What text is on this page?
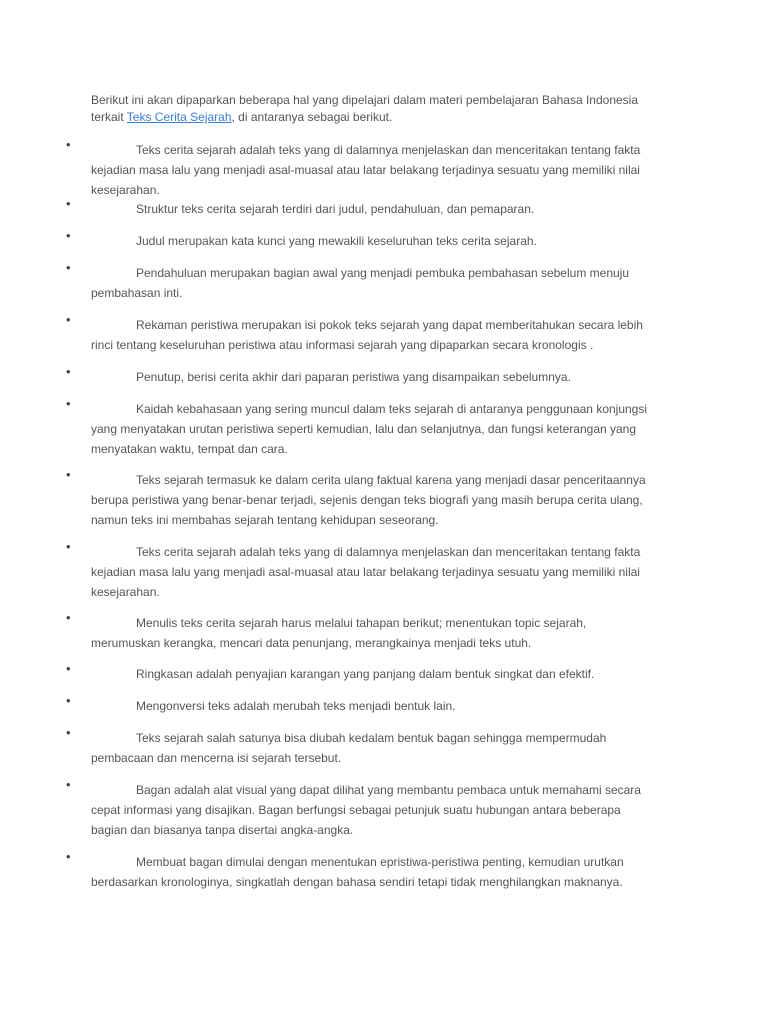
Berikut ini akan dipaparkan beberapa hal yang dipelajari dalam materi pembelajaran Bahasa Indonesia
terkait Teks Cerita Sejarah, di antaranya sebagai berikut.
•	Teks cerita sejarah adalah teks yang di dalamnya menjelaskan dan menceritakan tentang fakta kejadian masa lalu yang menjadi asal-muasal atau latar belakang terjadinya sesuatu yang memiliki nilai kesejarahan.
•	Struktur teks cerita sejarah terdiri dari judul, pendahuluan, dan pemaparan.
•	Judul merupakan kata kunci yang mewakili keseluruhan teks cerita sejarah.
•	Pendahuluan merupakan bagian awal yang menjadi pembuka pembahasan sebelum menuju pembahasan inti.
•	Rekaman peristiwa merupakan isi pokok teks sejarah yang dapat memberitahukan secara lebih rinci tentang keseluruhan peristiwa atau informasi sejarah yang dipaparkan secara kronologis .
•	Penutup, berisi cerita akhir dari paparan peristiwa yang disampaikan sebelumnya.
•	Kaidah kebahasaan yang sering muncul dalam teks sejarah di antaranya penggunaan konjungsi yang menyatakan urutan peristiwa seperti kemudian, lalu dan selanjutnya, dan fungsi keterangan yang menyatakan waktu, tempat dan cara.
•	Teks sejarah termasuk ke dalam cerita ulang faktual karena yang menjadi dasar penceritaannya berupa peristiwa yang benar-benar terjadi, sejenis dengan teks biografi yang masih berupa cerita ulang, namun teks ini membahas sejarah tentang kehidupan seseorang.
•	Teks cerita sejarah adalah teks yang di dalamnya menjelaskan dan menceritakan tentang fakta kejadian masa lalu yang menjadi asal-muasal atau latar belakang terjadinya sesuatu yang memiliki nilai kesejarahan.
•	Menulis teks cerita sejarah harus melalui tahapan berikut; menentukan topic sejarah, merumuskan kerangka, mencari data penunjang, merangkainya menjadi teks utuh.
•	Ringkasan adalah penyajian karangan yang panjang dalam bentuk singkat dan efektif.
•	Mengonversi teks adalah merubah teks menjadi bentuk lain.
•	Teks sejarah salah satunya bisa diubah kedalam bentuk bagan sehingga mempermudah pembacaan dan mencerna isi sejarah tersebut.
•	Bagan adalah alat visual yang dapat dilihat yang membantu pembaca untuk memahami secara cepat informasi yang disajikan. Bagan berfungsi sebagai petunjuk suatu hubungan antara beberapa bagian dan biasanya tanpa disertai angka-angka.
•	Membuat bagan dimulai dengan menentukan epristiwa-peristiwa penting, kemudian urutkan berdasarkan kronologinya, singkatlah dengan bahasa sendiri tetapi tidak menghilangkan maknanya.
